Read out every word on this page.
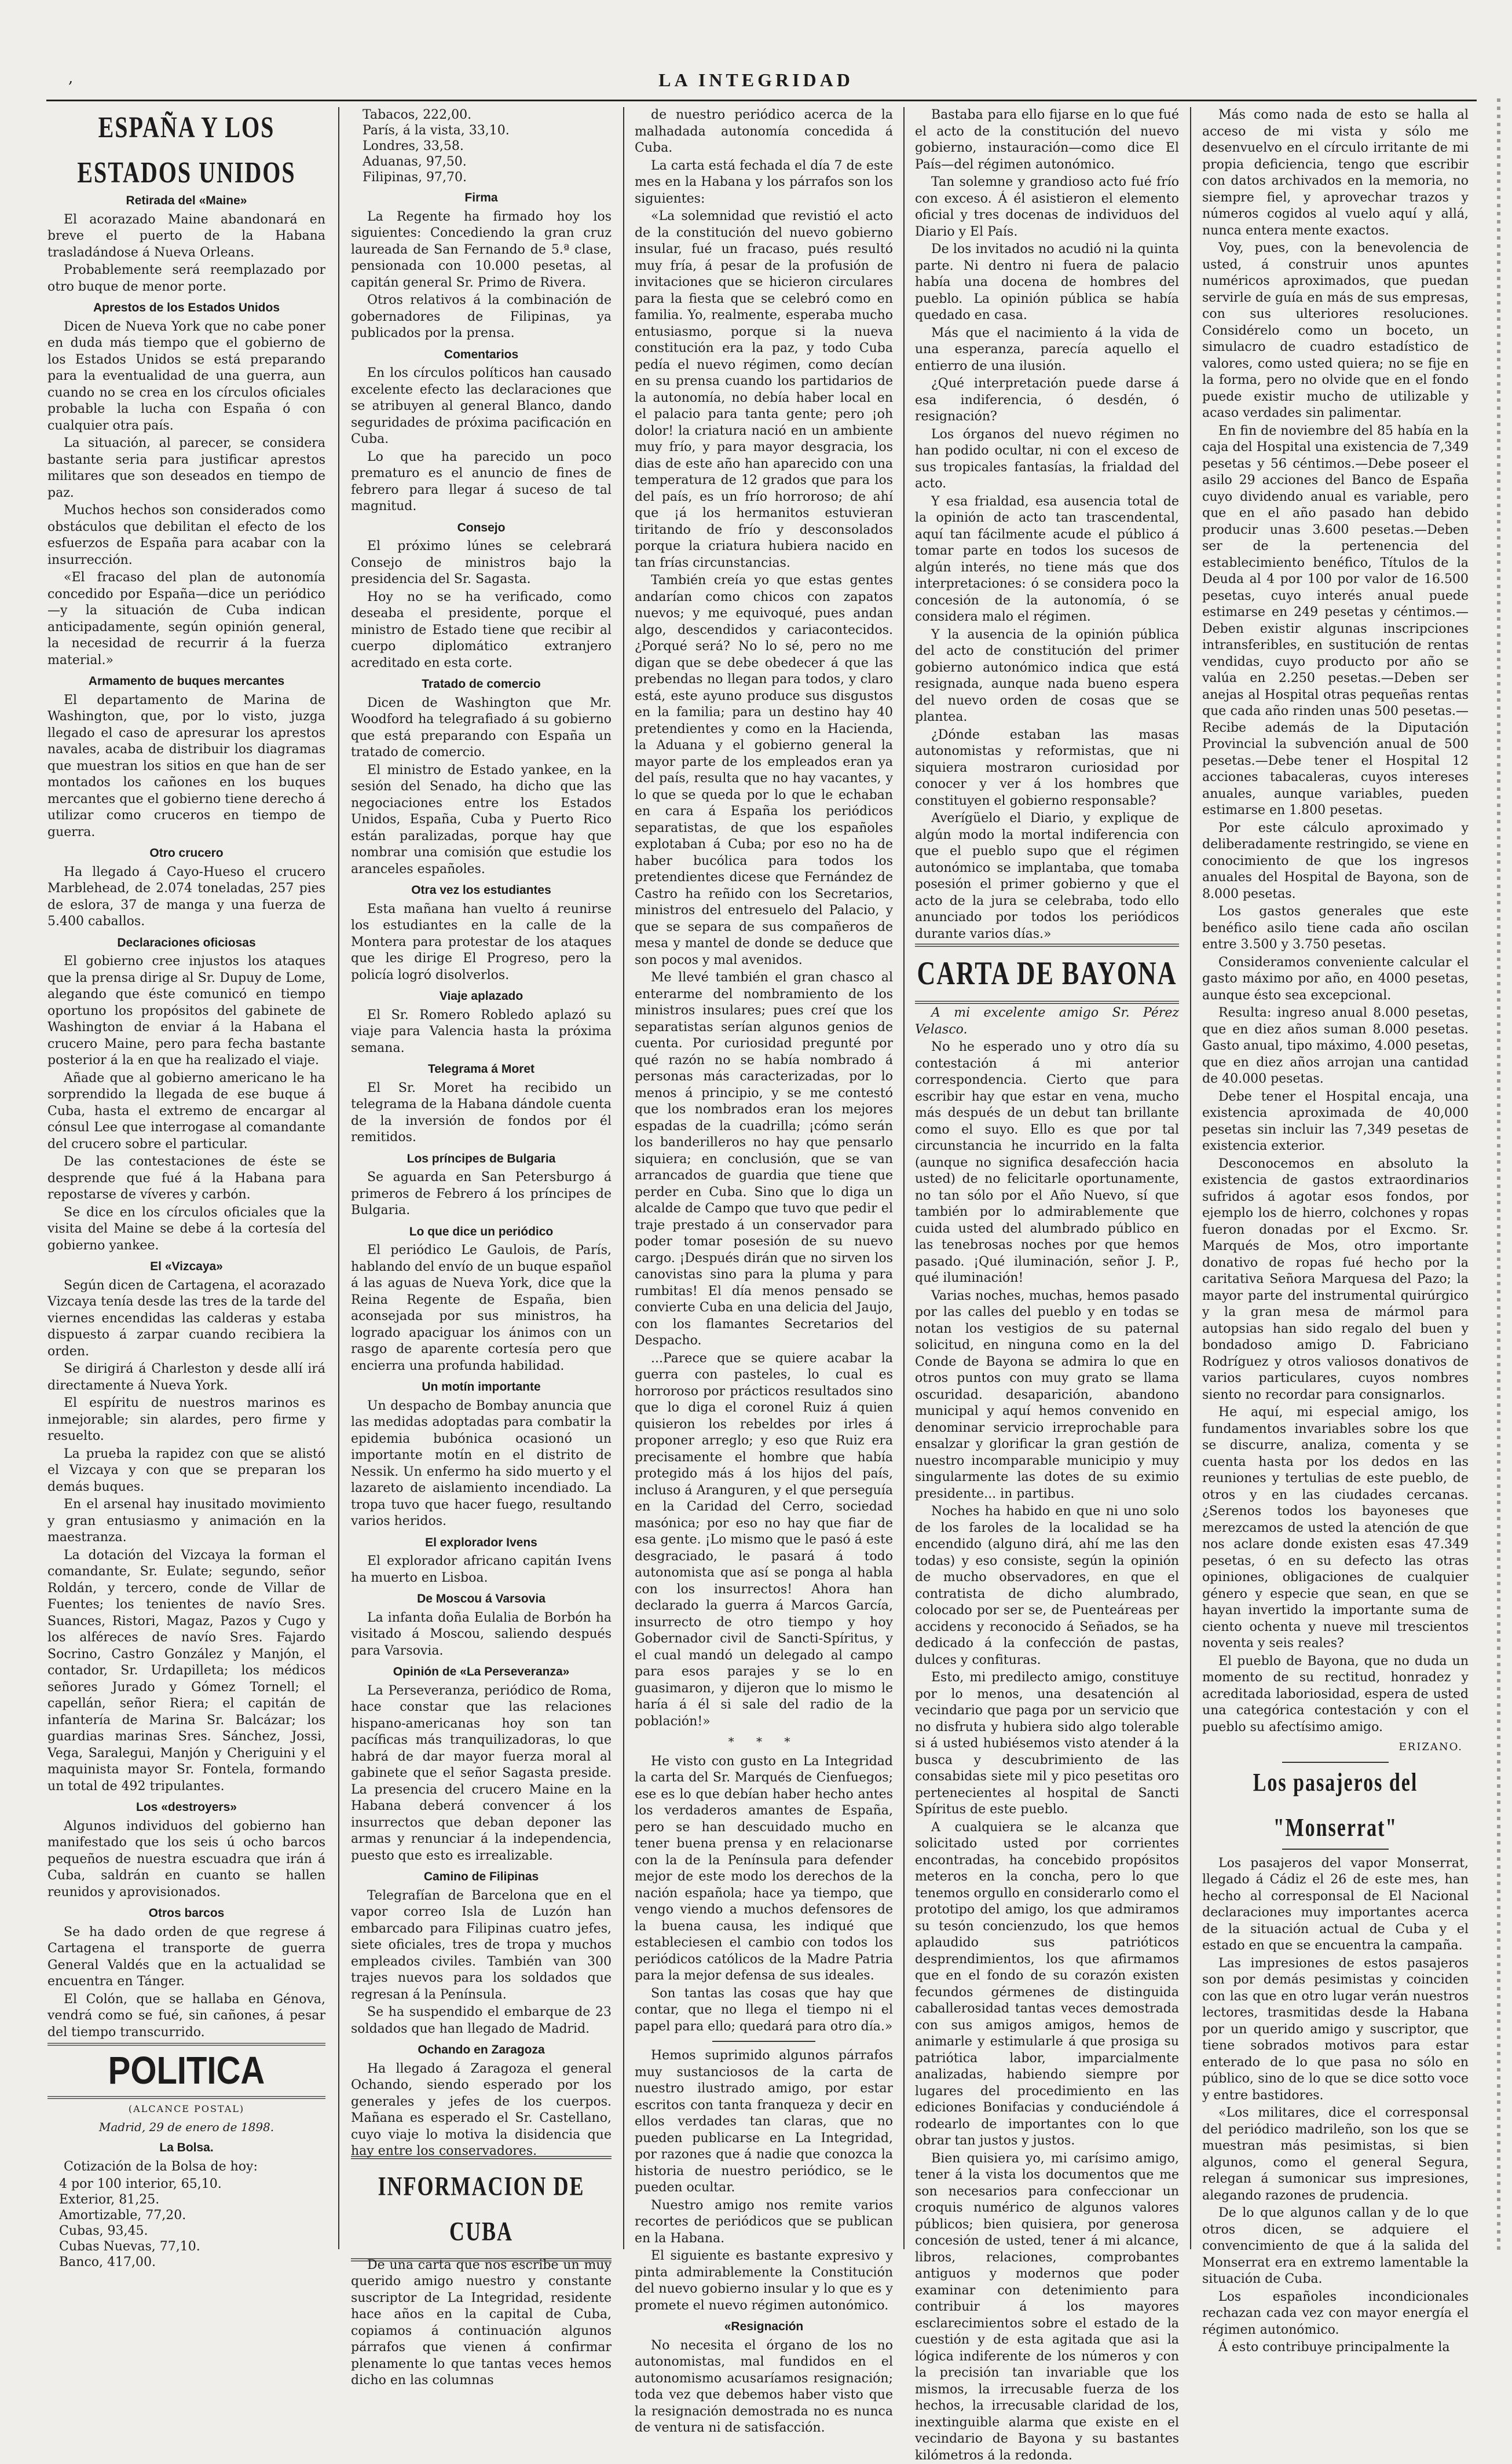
,	LA INTEGRIDAD
ESPAÑA Y LOS ESTADOS UNIDOS
Retirada del «Maine»

El acorazado Maine abandonará en breve el puerto de la Habana trasladándose á Nueva Orleans.

Probablemente será reemplazado por otro buque de menor porte.

Aprestos de los Estados Unidos

Dicen de Nueva York que no cabe poner en duda más tiempo que el gobierno de los Estados Unidos se está preparando para la eventualidad de una guerra, aun cuando no se crea en los círculos oficiales probable la lucha con España ó con cualquier otra país.

La situación, al parecer, se considera bastante seria para justificar aprestos militares que son deseados en tiempo de paz.

Muchos hechos son considerados como obstáculos que debilitan el efecto de los esfuerzos de España para acabar con la insurrección.

«El fracaso del plan de autonomía concedido por España—dice un periódico—y la situación de Cuba indican anticipadamente, según opinión general, la necesidad de recurrir á la fuerza material.»

Armamento de buques mercantes

El departamento de Marina de Washington, que, por lo visto, juzga llegado el caso de apresurar los aprestos navales, acaba de distribuir los diagramas que muestran los sitios en que han de ser montados los cañones en los buques mercantes que el gobierno tiene derecho á utilizar como cruceros en tiempo de guerra.

Otro crucero

Ha llegado á Cayo-Hueso el crucero Marblehead, de 2.074 toneladas, 257 pies de eslora, 37 de manga y una fuerza de 5.400 caballos.

Declaraciones oficiosas

El gobierno cree injustos los ataques que la prensa dirige al Sr. Dupuy de Lome, alegando que éste comunicó en tiempo oportuno los propósitos del gabinete de Washington de enviar á la Habana el crucero Maine, pero para fecha bastante posterior á la en que ha realizado el viaje.

Añade que al gobierno americano le ha sorprendido la llegada de ese buque á Cuba, hasta el extremo de encargar al cónsul Lee que interrogase al comandante del crucero sobre el particular.

De las contestaciones de éste se desprende que fué á la Habana para repostarse de víveres y carbón.

Se dice en los círculos oficiales que la visita del Maine se debe á la cortesía del gobierno yankee.

El «Vizcaya»

Según dicen de Cartagena, el acorazado Vizcaya tenía desde las tres de la tarde del viernes encendidas las calderas y estaba dispuesto á zarpar cuando recibiera la orden.

Se dirigirá á Charleston y desde allí irá directamente á Nueva York.

El espíritu de nuestros marinos es inmejorable; sin alardes, pero firme y resuelto.

La prueba la rapidez con que se alistó el Vizcaya y con que se preparan los demás buques.

En el arsenal hay inusitado movimiento y gran entusiasmo y animación en la maestranza.

La dotación del Vizcaya la forman el comandante, Sr. Eulate; segundo, señor Roldán, y tercero, conde de Villar de Fuentes; los tenientes de navío Sres. Suances, Ristori, Magaz, Pazos y Cugo y los alféreces de navío Sres. Fajardo Socrino, Castro González y Manjón, el contador, Sr. Urdapilleta; los médicos señores Jurado y Gómez Tornell; el capellán, señor Riera; el capitán de infantería de Marina Sr. Balcázar; los guardias marinas Sres. Sánchez, Jossi, Vega, Saralegui, Manjón y Cheriguini y el maquinista mayor Sr. Fontela, formando un total de 492 tripulantes.

Los «destroyers»

Algunos individuos del gobierno han manifestado que los seis ú ocho barcos pequeños de nuestra escuadra que irán á Cuba, saldrán en cuanto se hallen reunidos y aprovisionados.

Otros barcos

Se ha dado orden de que regrese á Cartagena el transporte de guerra General Valdés que en la actualidad se encuentra en Tánger.

El Colón, que se hallaba en Génova, vendrá como se fué, sin cañones, á pesar del tiempo transcurrido.

POLITICA
(ALCANCE POSTAL)
Madrid, 29 de enero de 1898.
La Bolsa.

Cotización de la Bolsa de hoy:

4 por 100 interior, 65,10.
Exterior, 81,25.
Amortizable, 77,20.
Cubas, 93,45.
Cubas Nuevas, 77,10.
Banco, 417,00.
Tabacos, 222,00.
París, á la vista, 33,10.
Londres, 33,58.
Aduanas, 97,50.
Filipinas, 97,70.
Firma

La Regente ha firmado hoy los siguientes: Concediendo la gran cruz laureada de San Fernando de 5.ª clase, pensionada con 10.000 pesetas, al capitán general Sr. Primo de Rivera.

Otros relativos á la combinación de gobernadores de Filipinas, ya publicados por la prensa.

Comentarios

En los círculos políticos han causado excelente efecto las declaraciones que se atribuyen al general Blanco, dando seguridades de próxima pacificación en Cuba.

Lo que ha parecido un poco prematuro es el anuncio de fines de febrero para llegar á suceso de tal magnitud.

Consejo

El próximo lúnes se celebrará Consejo de ministros bajo la presidencia del Sr. Sagasta.

Hoy no se ha verificado, como deseaba el presidente, porque el ministro de Estado tiene que recibir al cuerpo diplomático extranjero acreditado en esta corte.

Tratado de comercio

Dicen de Washington que Mr. Woodford ha telegrafiado á su gobierno que está preparando con España un tratado de comercio.

El ministro de Estado yankee, en la sesión del Senado, ha dicho que las negociaciones entre los Estados Unidos, España, Cuba y Puerto Rico están paralizadas, porque hay que nombrar una comisión que estudie los aranceles españoles.

Otra vez los estudiantes

Esta mañana han vuelto á reunirse los estudiantes en la calle de la Montera para protestar de los ataques que les dirige El Progreso, pero la policía logró disolverlos.

Viaje aplazado

El Sr. Romero Robledo aplazó su viaje para Valencia hasta la próxima semana.

Telegrama á Moret

El Sr. Moret ha recibido un telegrama de la Habana dándole cuenta de la inversión de fondos por él remitidos.

Los príncipes de Bulgaria

Se aguarda en San Petersburgo á primeros de Febrero á los príncipes de Bulgaria.

Lo que dice un periódico

El periódico Le Gaulois, de París, hablando del envío de un buque español á las aguas de Nueva York, dice que la Reina Regente de España, bien aconsejada por sus ministros, ha logrado apaciguar los ánimos con un rasgo de aparente cortesía pero que encierra una profunda habilidad.

Un motín importante

Un despacho de Bombay anuncia que las medidas adoptadas para combatir la epidemia bubónica ocasionó un importante motín en el distrito de Nessik. Un enfermo ha sido muerto y el lazareto de aislamiento incendiado. La tropa tuvo que hacer fuego, resultando varios heridos.

El explorador Ivens

El explorador africano capitán Ivens ha muerto en Lisboa.

De Moscou á Varsovia

La infanta doña Eulalia de Borbón ha visitado á Moscou, saliendo después para Varsovia.

Opinión de «La Perseveranza»

La Perseveranza, periódico de Roma, hace constar que las relaciones hispano-americanas hoy son tan pacíficas más tranquilizadoras, lo que habrá de dar mayor fuerza moral al gabinete que el señor Sagasta preside. La presencia del crucero Maine en la Habana deberá convencer á los insurrectos que deban deponer las armas y renunciar á la independencia, puesto que esto es irrealizable.

Camino de Filipinas

Telegrafían de Barcelona que en el vapor correo Isla de Luzón han embarcado para Filipinas cuatro jefes, siete oficiales, tres de tropa y muchos empleados civiles. También van 300 trajes nuevos para los soldados que regresan á la Península.

Se ha suspendido el embarque de 23 soldados que han llegado de Madrid.

Ochando en Zaragoza

Ha llegado á Zaragoza el general Ochando, siendo esperado por los generales y jefes de los cuerpos. Mañana es esperado el Sr. Castellano, cuyo viaje lo motiva la disidencia que hay entre los conservadores.

INFORMACION DE CUBA

De una carta que nos escribe un muy querido amigo nuestro y constante suscriptor de La Integridad, residente hace años en la capital de Cuba, copiamos á continuación algunos párrafos que vienen á confirmar plenamente lo que tantas veces hemos dicho en las columnas

de nuestro periódico acerca de la malhadada autonomía concedida á Cuba.

La carta está fechada el día 7 de este mes en la Habana y los párrafos son los siguientes:

«La solemnidad que revistió el acto de la constitución del nuevo gobierno insular, fué un fracaso, pués resultó muy fría, á pesar de la profusión de invitaciones que se hicieron circulares para la fiesta que se celebró como en familia. Yo, realmente, esperaba mucho entusiasmo, porque si la nueva constitución era la paz, y todo Cuba pedía el nuevo régimen, como decían en su prensa cuando los partidarios de la autonomía, no debía haber local en el palacio para tanta gente; pero ¡oh dolor! la criatura nació en un ambiente muy frío, y para mayor desgracia, los dias de este año han aparecido con una temperatura de 12 grados que para los del país, es un frío horroroso; de ahí que ¡á los hermanitos estuvieran tiritando de frío y desconsolados porque la criatura hubiera nacido en tan frías circunstancias.

También creía yo que estas gentes andarían como chicos con zapatos nuevos; y me equivoqué, pues andan algo, descendidos y cariacontecidos. ¿Porqué será? No lo sé, pero no me digan que se debe obedecer á que las prebendas no llegan para todos, y claro está, este ayuno produce sus disgustos en la familia; para un destino hay 40 pretendientes y como en la Hacienda, la Aduana y el gobierno general la mayor parte de los empleados eran ya del país, resulta que no hay vacantes, y lo que se queda por lo que le echaban en cara á España los periódicos separatistas, de que los españoles explotaban á Cuba; por eso no ha de haber bucólica para todos los pretendientes dicese que Fernández de Castro ha reñido con los Secretarios, ministros del entresuelo del Palacio, y que se separa de sus compañeros de mesa y mantel de donde se deduce que son pocos y mal avenidos.

Me llevé también el gran chasco al enterarme del nombramiento de los ministros insulares; pues creí que los separatistas serían algunos genios de cuenta. Por curiosidad pregunté por qué razón no se había nombrado á personas más caracterizadas, por lo menos á principio, y se me contestó que los nombrados eran los mejores espadas de la cuadrilla; ¡cómo serán los banderilleros no hay que pensarlo siquiera; en conclusión, que se van arrancados de guardia que tiene que perder en Cuba. Sino que lo diga un alcalde de Campo que tuvo que pedir el traje prestado á un conservador para poder tomar posesión de su nuevo cargo. ¡Después dirán que no sirven los canovistas sino para la pluma y para rumbitas! El día menos pensado se convierte Cuba en una delicia del Jaujo, con los flamantes Secretarios del Despacho.

...Parece que se quiere acabar la guerra con pasteles, lo cual es horroroso por prácticos resultados sino que lo diga el coronel Ruiz á quien quisieron los rebeldes por irles á proponer arreglo; y eso que Ruiz era precisamente el hombre que había protegido más á los hijos del país, incluso á Aranguren, y el que perseguía en la Caridad del Cerro, sociedad masónica; por eso no hay que fiar de esa gente. ¡Lo mismo que le pasó á este desgraciado, le pasará á todo autonomista que así se ponga al habla con los insurrectos! Ahora han declarado la guerra á Marcos García, insurrecto de otro tiempo y hoy Gobernador civil de Sancti-Spíritus, y el cual mandó un delegado al campo para esos parajes y se lo en guasimaron, y dijeron que lo mismo le haría á él si sale del radio de la población!»

* * *

He visto con gusto en La Integridad la carta del Sr. Marqués de Cienfuegos; ese es lo que debían haber hecho antes los verdaderos amantes de España, pero se han descuidado mucho en tener buena prensa y en relacionarse con la de la Península para defender mejor de este modo los derechos de la nación española; hace ya tiempo, que vengo viendo a muchos defensores de la buena causa, les indiqué que estableciesen el cambio con todos los periódicos católicos de la Madre Patria para la mejor defensa de sus ideales.

Son tantas las cosas que hay que contar, que no llega el tiempo ni el papel para ello; quedará para otro día.»

Hemos suprimido algunos párrafos muy sustanciosos de la carta de nuestro ilustrado amigo, por estar escritos con tanta franqueza y decir en ellos verdades tan claras, que no pueden publicarse en La Integridad, por razones que á nadie que conozca la historia de nuestro periódico, se le pueden ocultar.

Nuestro amigo nos remite varios recortes de periódicos que se publican en la Habana.

El siguiente es bastante expresivo y pinta admirablemente la Constitución del nuevo gobierno insular y lo que es y promete el nuevo régimen autonómico.

«Resignación

No necesita el órgano de los no autonomistas, mal fundidos en el autonomismo acusaríamos resignación; toda vez que debemos haber visto que la resignación demostrada no es nunca de ventura ni de satisfacción.

Bastaba para ello fijarse en lo que fué el acto de la constitución del nuevo gobierno, instauración—como dice El País—del régimen autonómico.

Tan solemne y grandioso acto fué frío con exceso. Á él asistieron el elemento oficial y tres docenas de individuos del Diario y El País.

De los invitados no acudió ni la quinta parte. Ni dentro ni fuera de palacio había una docena de hombres del pueblo. La opinión pública se había quedado en casa.

Más que el nacimiento á la vida de una esperanza, parecía aquello el entierro de una ilusión.

¿Qué interpretación puede darse á esa indiferencia, ó desdén, ó resignación?

Los órganos del nuevo régimen no han podido ocultar, ni con el exceso de sus tropicales fantasías, la frialdad del acto.

Y esa frialdad, esa ausencia total de la opinión de acto tan trascendental, aquí tan fácilmente acude el público á tomar parte en todos los sucesos de algún interés, no tiene más que dos interpretaciones: ó se considera poco la concesión de la autonomía, ó se considera malo el régimen.

Y la ausencia de la opinión pública del acto de constitución del primer gobierno autonómico indica que está resignada, aunque nada bueno espera del nuevo orden de cosas que se plantea.

¿Dónde estaban las masas autonomistas y reformistas, que ni siquiera mostraron curiosidad por conocer y ver á los hombres que constituyen el gobierno responsable?

Averígüelo el Diario, y explique de algún modo la mortal indiferencia con que el pueblo supo que el régimen autonómico se implantaba, que tomaba posesión el primer gobierno y que el acto de la jura se celebraba, todo ello anunciado por todos los periódicos durante varios días.»

CARTA DE BAYONA

A mi excelente amigo Sr. Pérez Velasco.

No he esperado uno y otro día su contestación á mi anterior correspondencia. Cierto que para escribir hay que estar en vena, mucho más después de un debut tan brillante como el suyo. Ello es que por tal circunstancia he incurrido en la falta (aunque no significa desafección hacia usted) de no felicitarle oportunamente, no tan sólo por el Año Nuevo, sí que también por lo admirablemente que cuida usted del alumbrado público en las tenebrosas noches por que hemos pasado. ¡Qué iluminación, señor J. P., qué iluminación!

Varias noches, muchas, hemos pasado por las calles del pueblo y en todas se notan los vestigios de su paternal solicitud, en ninguna como en la del Conde de Bayona se admira lo que en otros puntos con muy grato se llama oscuridad. desaparición, abandono municipal y aquí hemos convenido en denominar servicio irreprochable para ensalzar y glorificar la gran gestión de nuestro incomparable municipio y muy singularmente las dotes de su eximio presidente... in partibus.

Noches ha habido en que ni uno solo de los faroles de la localidad se ha encendido (alguno dirá, ahí me las den todas) y eso consiste, según la opinión de mucho observadores, en que el contratista de dicho alumbrado, colocado por ser se, de Puenteáreas per accidens y reconocido á Señados, se ha dedicado á la confección de pastas, dulces y confituras.

Esto, mi predilecto amigo, constituye por lo menos, una desatención al vecindario que paga por un servicio que no disfruta y hubiera sido algo tolerable si á usted hubiésemos visto atender á la busca y descubrimiento de las consabidas siete mil y pico pesetitas oro pertenecientes al hospital de Sancti Spíritus de este pueblo.

A cualquiera se le alcanza que solicitado usted por corrientes encontradas, ha concebido propósitos meteros en la concha, pero lo que tenemos orgullo en considerarlo como el prototipo del amigo, los que admiramos su tesón concienzudo, los que hemos aplaudido sus patrióticos desprendimientos, los que afirmamos que en el fondo de su corazón existen fecundos gérmenes de distinguida caballerosidad tantas veces demostrada con sus amigos amigos, hemos de animarle y estimularle á que prosiga su patriótica labor, imparcialmente analizadas, habiendo siempre por lugares del procedimiento en las ediciones Bonifacias y conduciéndole á rodearlo de importantes con lo que obrar tan justos y justos.

Bien quisiera yo, mi carísimo amigo, tener á la vista los documentos que me son necesarios para confeccionar un croquis numérico de algunos valores públicos; bien quisiera, por generosa concesión de usted, tener á mi alcance, libros, relaciones, comprobantes antiguos y modernos que poder examinar con detenimiento para contribuir á los mayores esclarecimientos sobre el estado de la cuestión y de esta agitada que asi la lógica indiferente de los números y con la precisión tan invariable que los mismos, la irrecusable fuerza de los hechos, la irrecusable claridad de los, inextinguible alarma que existe en el vecindario de Bayona y su bastantes kilómetros á la redonda.

Más como nada de esto se halla al acceso de mi vista y sólo me desenvuelvo en el círculo irritante de mi propia deficiencia, tengo que escribir con datos archivados en la memoria, no siempre fiel, y aprovechar trazos y números cogidos al vuelo aquí y allá, nunca entera mente exactos.

Voy, pues, con la benevolencia de usted, á construir unos apuntes numéricos aproximados, que puedan servirle de guía en más de sus empresas, con sus ulteriores resoluciones. Considérelo como un boceto, un simulacro de cuadro estadístico de valores, como usted quiera; no se fije en la forma, pero no olvide que en el fondo puede existir mucho de utilizable y acaso verdades sin palimentar.

En fin de noviembre del 85 había en la caja del Hospital una existencia de 7,349 pesetas y 56 céntimos.—Debe poseer el asilo 29 acciones del Banco de España cuyo dividendo anual es variable, pero que en el año pasado han debido producir unas 3.600 pesetas.—Deben ser de la pertenencia del establecimiento benéfico, Títulos de la Deuda al 4 por 100 por valor de 16.500 pesetas, cuyo interés anual puede estimarse en 249 pesetas y céntimos.—Deben existir algunas inscripciones intransferibles, en sustitución de rentas vendidas, cuyo producto por año se valúa en 2.250 pesetas.—Deben ser anejas al Hospital otras pequeñas rentas que cada año rinden unas 500 pesetas.—Recibe además de la Diputación Provincial la subvención anual de 500 pesetas.—Debe tener el Hospital 12 acciones tabacaleras, cuyos intereses anuales, aunque variables, pueden estimarse en 1.800 pesetas.

Por este cálculo aproximado y deliberadamente restringido, se viene en conocimiento de que los ingresos anuales del Hospital de Bayona, son de 8.000 pesetas.

Los gastos generales que este benéfico asilo tiene cada año oscilan entre 3.500 y 3.750 pesetas.

Consideramos conveniente calcular el gasto máximo por año, en 4000 pesetas, aunque ésto sea excepcional.

Resulta: ingreso anual 8.000 pesetas, que en diez años suman 8.000 pesetas. Gasto anual, tipo máximo, 4.000 pesetas, que en diez años arrojan una cantidad de 40.000 pesetas.

Debe tener el Hospital encaja, una existencia aproximada de 40,000 pesetas sin incluir las 7,349 pesetas de existencia exterior.

Desconocemos en absoluto la existencia de gastos extraordinarios sufridos á agotar esos fondos, por ejemplo los de hierro, colchones y ropas fueron donadas por el Excmo. Sr. Marqués de Mos, otro importante donativo de ropas fué hecho por la caritativa Señora Marquesa del Pazo; la mayor parte del instrumental quirúrgico y la gran mesa de mármol para autopsias han sido regalo del buen y bondadoso amigo D. Fabriciano Rodríguez y otros valiosos donativos de varios particulares, cuyos nombres siento no recordar para consignarlos.

He aquí, mi especial amigo, los fundamentos invariables sobre los que se discurre, analiza, comenta y se cuenta hasta por los dedos en las reuniones y tertulias de este pueblo, de otros y en las ciudades cercanas. ¿Serenos todos los bayoneses que merezcamos de usted la atención de que nos aclare donde existen esas 47.349 pesetas, ó en su defecto las otras opiniones, obligaciones de cualquier género y especie que sean, en que se hayan invertido la importante suma de ciento ochenta y nueve mil trescientos noventa y seis reales?

El pueblo de Bayona, que no duda un momento de su rectitud, honradez y acreditada laboriosidad, espera de usted una categórica contestación y con el pueblo su afectísimo amigo.

ERIZANO.
Los pasajeros del "Monserrat"

Los pasajeros del vapor Monserrat, llegado á Cádiz el 26 de este mes, han hecho al corresponsal de El Nacional declaraciones muy importantes acerca de la situación actual de Cuba y el estado en que se encuentra la campaña.

Las impresiones de estos pasajeros son por demás pesimistas y coinciden con las que en otro lugar verán nuestros lectores, trasmitidas desde la Habana por un querido amigo y suscriptor, que tiene sobrados motivos para estar enterado de lo que pasa no sólo en público, sino de lo que se dice sotto voce y entre bastidores.

«Los militares, dice el corresponsal del periódico madrileño, son los que se muestran más pesimistas, si bien algunos, como el general Segura, relegan á sumonicar sus impresiones, alegando razones de prudencia.

De lo que algunos callan y de lo que otros dicen, se adquiere el convencimiento de que á la salida del Monserrat era en extremo lamentable la situación de Cuba.

Los españoles incondicionales rechazan cada vez con mayor energía el régimen autonómico.

Á esto contribuye principalmente la
